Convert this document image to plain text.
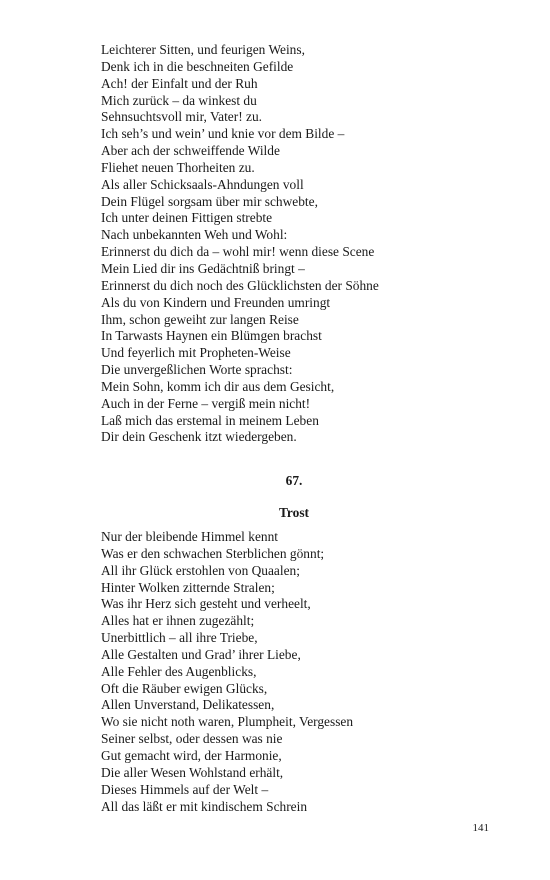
Leichterer Sitten, und feurigen Weins,
Denk ich in die beschneiten Gefilde
Ach! der Einfalt und der Ruh
Mich zurück – da winkest du
Sehnsuchtsvoll mir, Vater! zu.
Ich seh’s und wein’ und knie vor dem Bilde –
Aber ach der schweiffende Wilde
Fliehet neuen Thorheiten zu.
Als aller Schicksaals-Ahndungen voll
Dein Flügel sorgsam über mir schwebte,
Ich unter deinen Fittigen strebte
Nach unbekannten Weh und Wohl:
Erinnerst du dich da – wohl mir! wenn diese Scene
Mein Lied dir ins Gedächtniß bringt –
Erinnerst du dich noch des Glücklichsten der Söhne
Als du von Kindern und Freunden umringt
Ihm, schon geweiht zur langen Reise
In Tarwasts Haynen ein Blümgen brachst
Und feyerlich mit Propheten-Weise
Die unvergeßlichen Worte sprachst:
Mein Sohn, komm ich dir aus dem Gesicht,
Auch in der Ferne – vergiß mein nicht!
Laß mich das erstemal in meinem Leben
Dir dein Geschenk itzt wiedergeben.
67.
Trost
Nur der bleibende Himmel kennt
Was er den schwachen Sterblichen gönnt;
All ihr Glück erstohlen von Quaalen;
Hinter Wolken zitternde Stralen;
Was ihr Herz sich gesteht und verheelt,
Alles hat er ihnen zugezählt;
Unerbittlich – all ihre Triebe,
Alle Gestalten und Grad’ ihrer Liebe,
Alle Fehler des Augenblicks,
Oft die Räuber ewigen Glücks,
Allen Unverstand, Delikatessen,
Wo sie nicht noth waren, Plumpheit, Vergessen
Seiner selbst, oder dessen was nie
Gut gemacht wird, der Harmonie,
Die aller Wesen Wohlstand erhält,
Dieses Himmels auf der Welt –
All das läßt er mit kindischem Schrein
141
